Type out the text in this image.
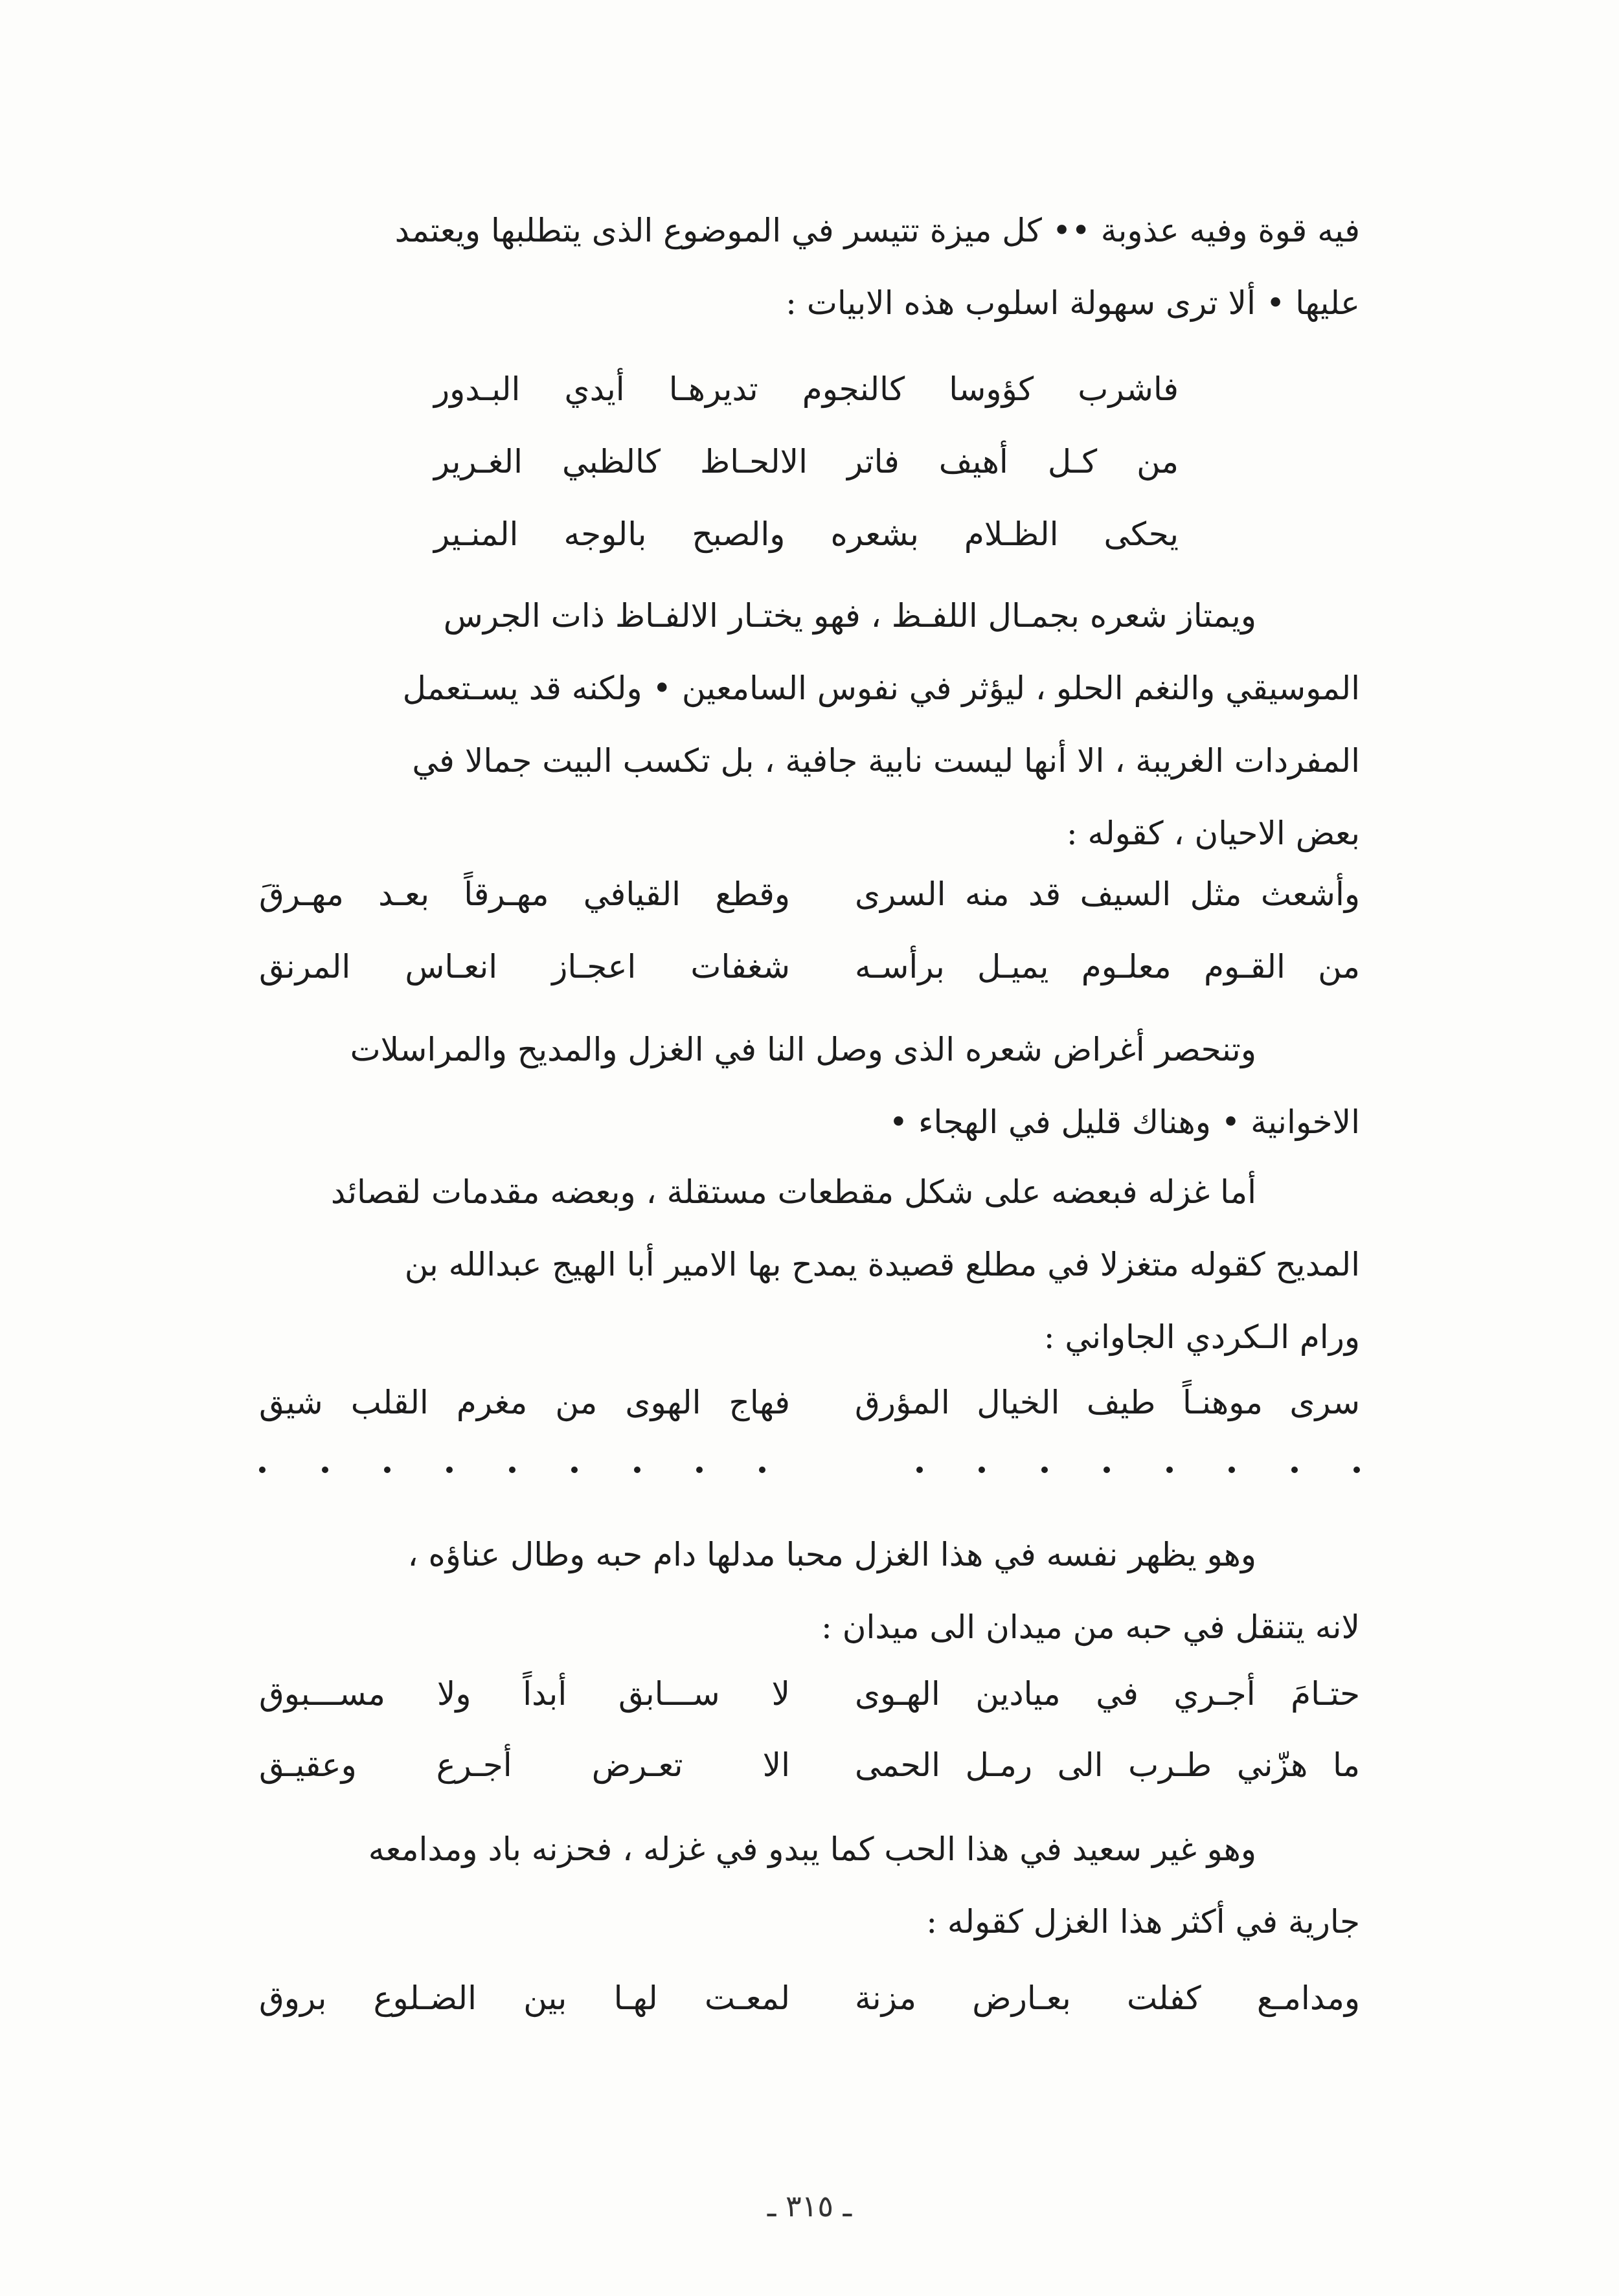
فيه قوة وفيه عذوبة •• كل ميزة تتيسر في الموضوع الذى يتطلبها ويعتمد

عليها • ألا ترى سهولة اسلوب هذه الابيات :

فاشرب كؤوسا كالنجوم تديرهـا أيدي البـدور
من كـل أهيف فاتر الالحـاظ كالظبي الغـرير
يحكى الظـلام بشعره والصبح بالوجه المنـير

ويمتاز شعره بجمـال اللفـظ ، فهو يختـار الالفـاظ ذات الجرس

الموسيقي والنغم الحلو ، ليؤثر في نفوس السامعين • ولكنه قد يسـتعمل

المفردات الغريبة ، الا أنها ليست نابية جافية ، بل تكسب البيت جمالا في

بعض الاحيان ، كقوله :

وأشعث مثل السيف قد منه السرى
وقطع القيافي مهـرقاً بعـد مهـرقَ
من القـوم معلـوم يميـل برأسـه
شغفات اعجـاز انعـاس المرنق

وتنحصر أغراض شعره الذى وصل النا في الغزل والمديح والمراسلات

الاخوانية • وهناك قليل في الهجاء •

أما غزله فبعضه على شكل مقطعات مستقلة ، وبعضه مقدمات لقصائد

المديح كقوله متغزلا في مطلع قصيدة يمدح بها الامير أبا الهيج عبدالله بن

ورام الـكردي الجاواني :

سرى موهنـاً طيف الخيال المؤرق
فهاج الهوى من مغرم القلب شيق

وهو يظهر نفسه في هذا الغزل محبا مدلها دام حبه وطال عناؤه ،

لانه يتنقل في حبه من ميدان الى ميدان :

حتـامَ أجـري في ميادين الهـوى
لا ســـابق أبداً ولا مســـبوق
ما هزّني طـرب الى رمـل الحمى
الا تعـرض أجـرع وعقيـق

وهو غير سعيد في هذا الحب كما يبدو في غزله ، فحزنه باد ومدامعه

جارية في أكثر هذا الغزل كقوله :

ومدامـع كفلت بعـارض مزنة
لمعـت لهـا بين الضـلوع بروق
ـ ٣١٥ ـ
